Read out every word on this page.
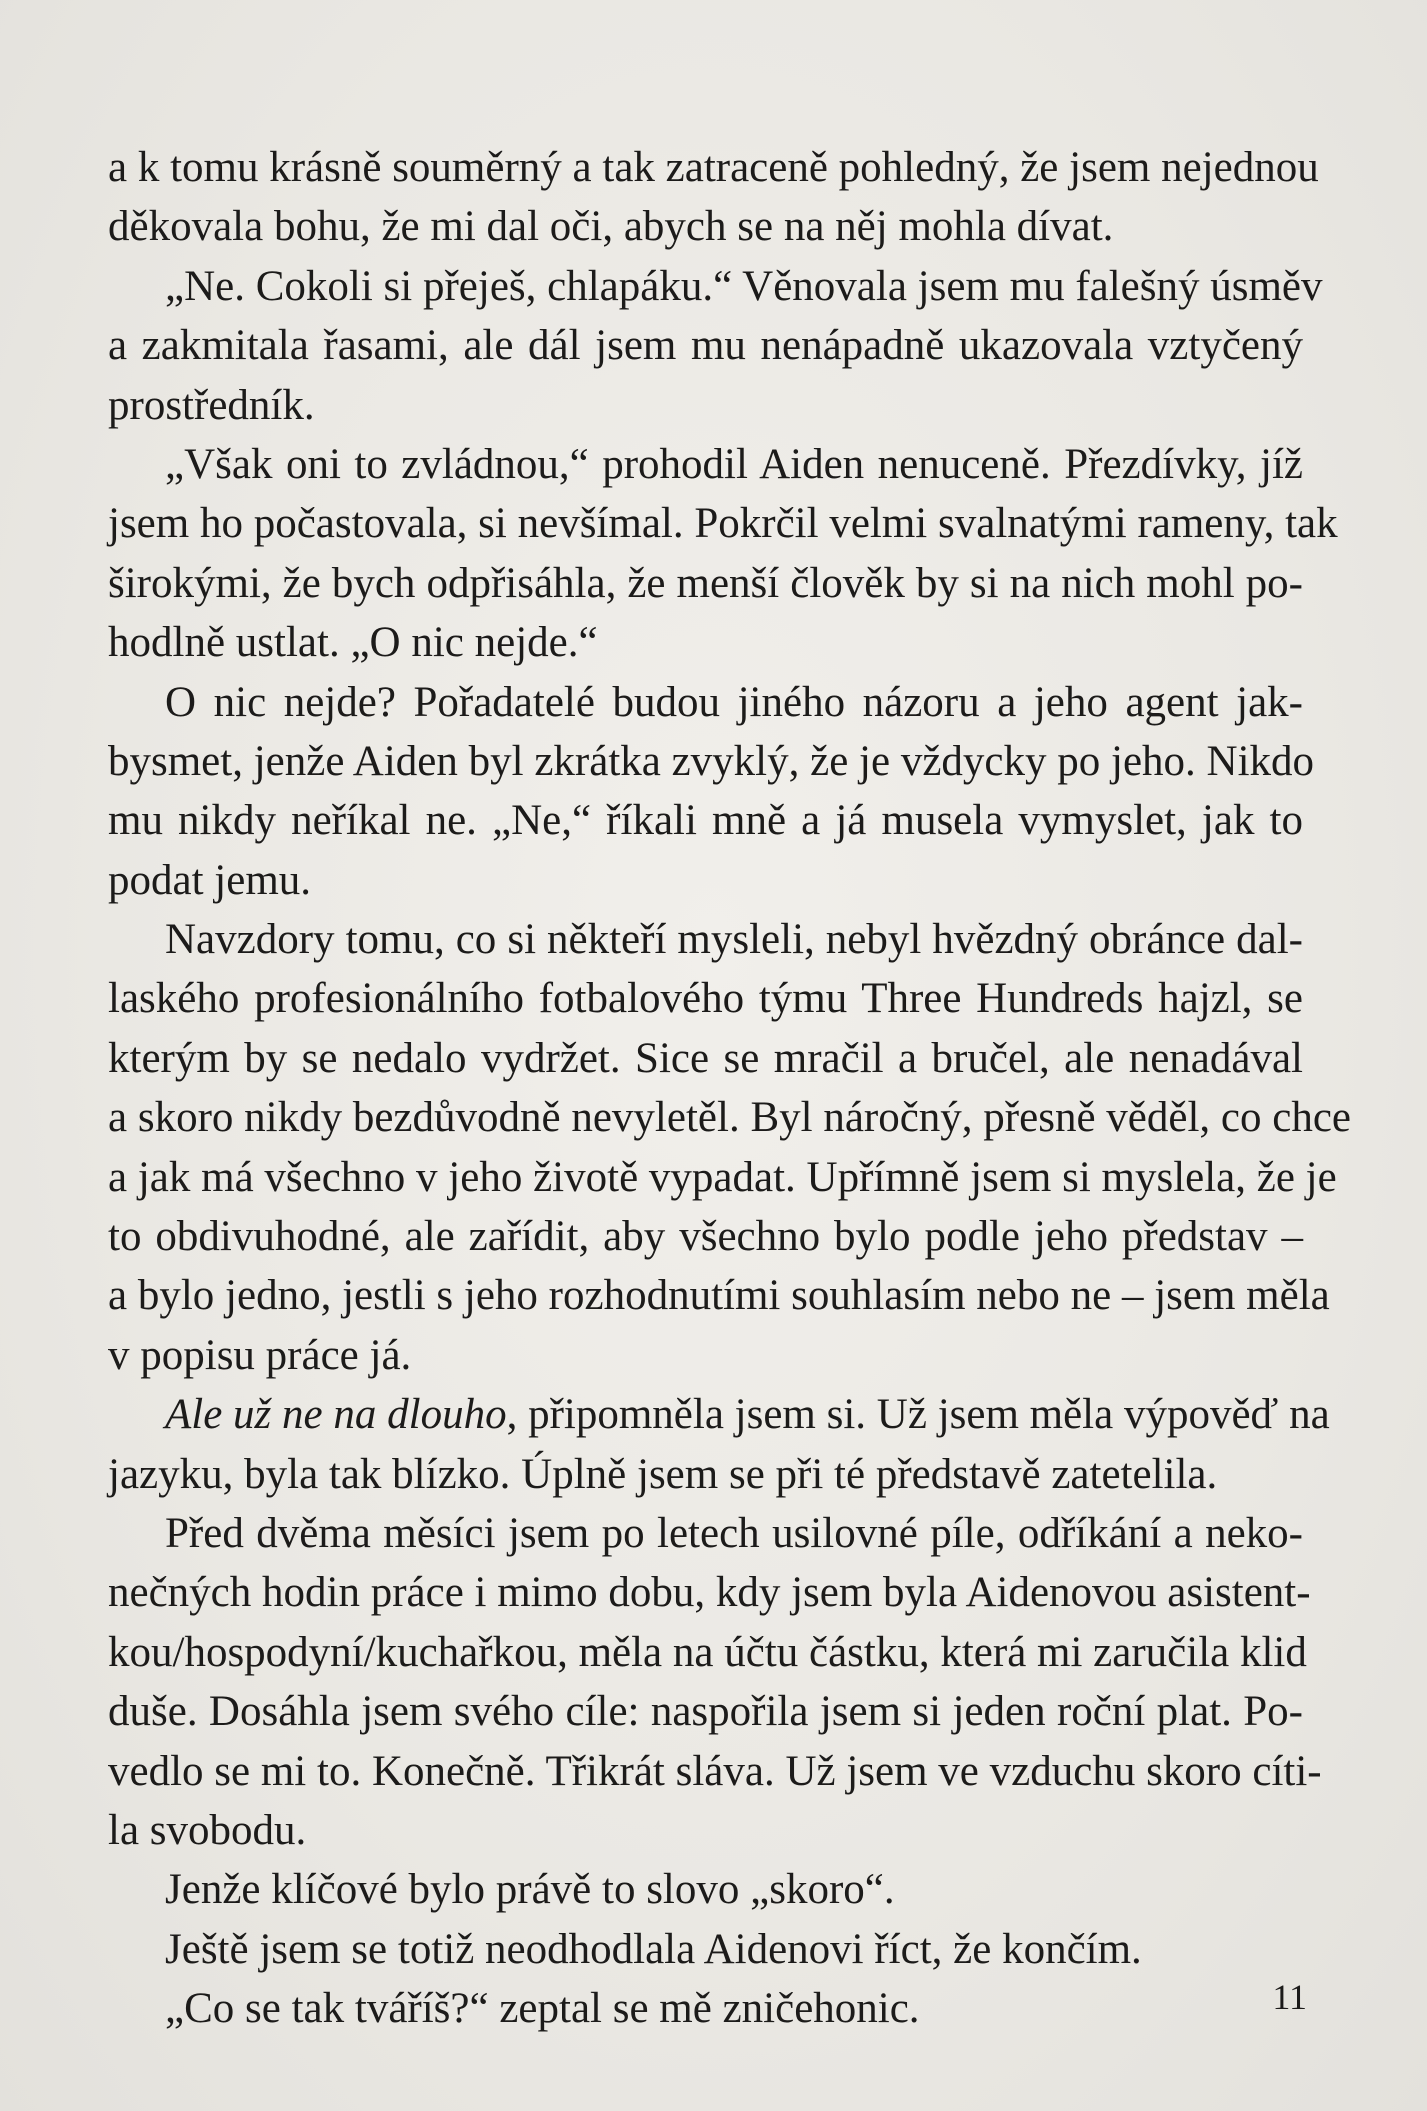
a k tomu krásně souměrný a tak zatraceně pohledný, že jsem nejednou
děkovala bohu, že mi dal oči, abych se na něj mohla dívat.
„Ne. Cokoli si přeješ, chlapáku.“ Věnovala jsem mu falešný úsměv
a zakmitala řasami, ale dál jsem mu nenápadně ukazovala vztyčený
prostředník.
„Však oni to zvládnou,“ prohodil Aiden nenuceně. Přezdívky, jíž
jsem ho počastovala, si nevšímal. Pokrčil velmi svalnatými rameny, tak
širokými, že bych odpřisáhla, že menší člověk by si na nich mohl po-
hodlně ustlat. „O nic nejde.“
O nic nejde? Pořadatelé budou jiného názoru a jeho agent jak-
bysmet, jenže Aiden byl zkrátka zvyklý, že je vždycky po jeho. Nikdo
mu nikdy neříkal ne. „Ne,“ říkali mně a já musela vymyslet, jak to
podat jemu.
Navzdory tomu, co si někteří mysleli, nebyl hvězdný obránce dal-
laského profesionálního fotbalového týmu Three Hundreds hajzl, se
kterým by se nedalo vydržet. Sice se mračil a bručel, ale nenadával
a skoro nikdy bezdůvodně nevyletěl. Byl náročný, přesně věděl, co chce
a jak má všechno v jeho životě vypadat. Upřímně jsem si myslela, že je
to obdivuhodné, ale zařídit, aby všechno bylo podle jeho představ –
a bylo jedno, jestli s jeho rozhodnutími souhlasím nebo ne – jsem měla
v popisu práce já.
Ale už ne na dlouho, připomněla jsem si. Už jsem měla výpověď na
jazyku, byla tak blízko. Úplně jsem se při té představě zatetelila.
Před dvěma měsíci jsem po letech usilovné píle, odříkání a neko-
nečných hodin práce i mimo dobu, kdy jsem byla Aidenovou asistent-
kou/hospodyní/kuchařkou, měla na účtu částku, která mi zaručila klid
duše. Dosáhla jsem svého cíle: naspořila jsem si jeden roční plat. Po-
vedlo se mi to. Konečně. Třikrát sláva. Už jsem ve vzduchu skoro cíti-
la svobodu.
Jenže klíčové bylo právě to slovo „skoro“.
Ještě jsem se totiž neodhodlala Aidenovi říct, že končím.
„Co se tak tváříš?“ zeptal se mě zničehonic.	11
